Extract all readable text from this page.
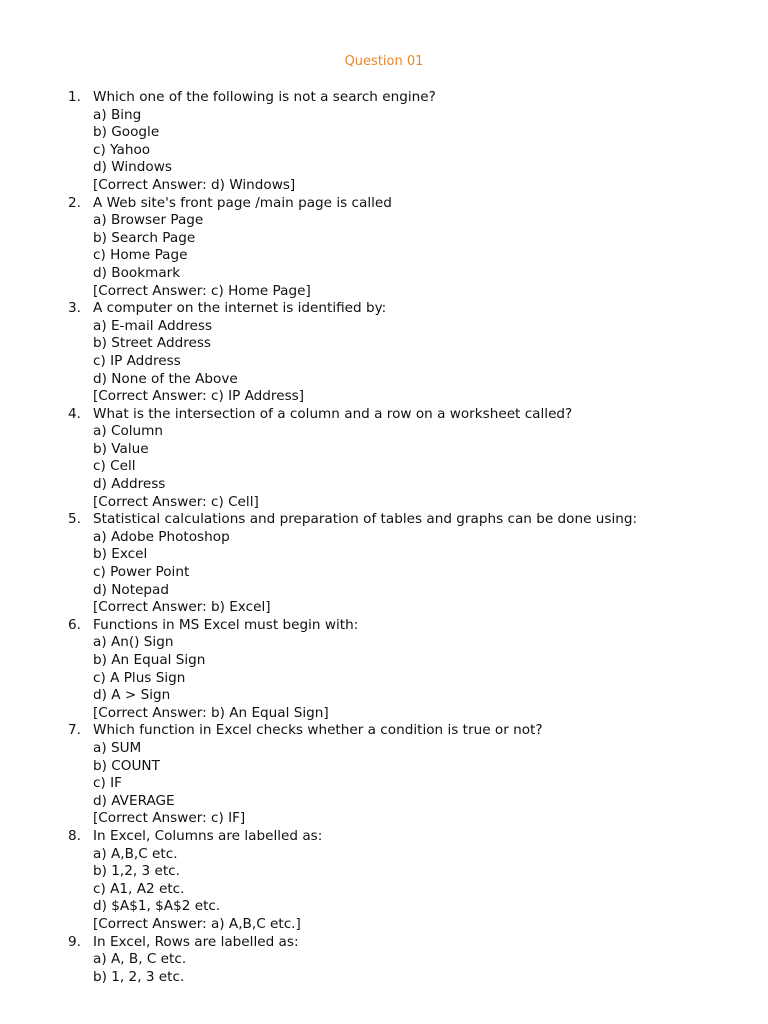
Question 01
1. Which one of the following is not a search engine?
a) Bing
b) Google
c) Yahoo
d) Windows
[Correct Answer: d) Windows]
2. A Web site's front page /main page is called
a) Browser Page
b) Search Page
c) Home Page
d) Bookmark
[Correct Answer: c) Home Page]
3. A computer on the internet is identified by:
a) E-mail Address
b) Street Address
c) IP Address
d) None of the Above
[Correct Answer: c) IP Address]
4. What is the intersection of a column and a row on a worksheet called?
a) Column
b) Value
c) Cell
d) Address
[Correct Answer: c) Cell]
5. Statistical calculations and preparation of tables and graphs can be done using:
a) Adobe Photoshop
b) Excel
c) Power Point
d) Notepad
[Correct Answer: b) Excel]
6. Functions in MS Excel must begin with:
a) An() Sign
b) An Equal Sign
c) A Plus Sign
d) A > Sign
[Correct Answer: b) An Equal Sign]
7. Which function in Excel checks whether a condition is true or not?
a) SUM
b) COUNT
c) IF
d) AVERAGE
[Correct Answer: c) IF]
8. In Excel, Columns are labelled as:
a) A,B,C etc.
b) 1,2, 3 etc.
c) A1, A2 etc.
d) $A$1, $A$2 etc.
[Correct Answer: a) A,B,C etc.]
9. In Excel, Rows are labelled as:
a) A, B, C etc.
b) 1, 2, 3 etc.
